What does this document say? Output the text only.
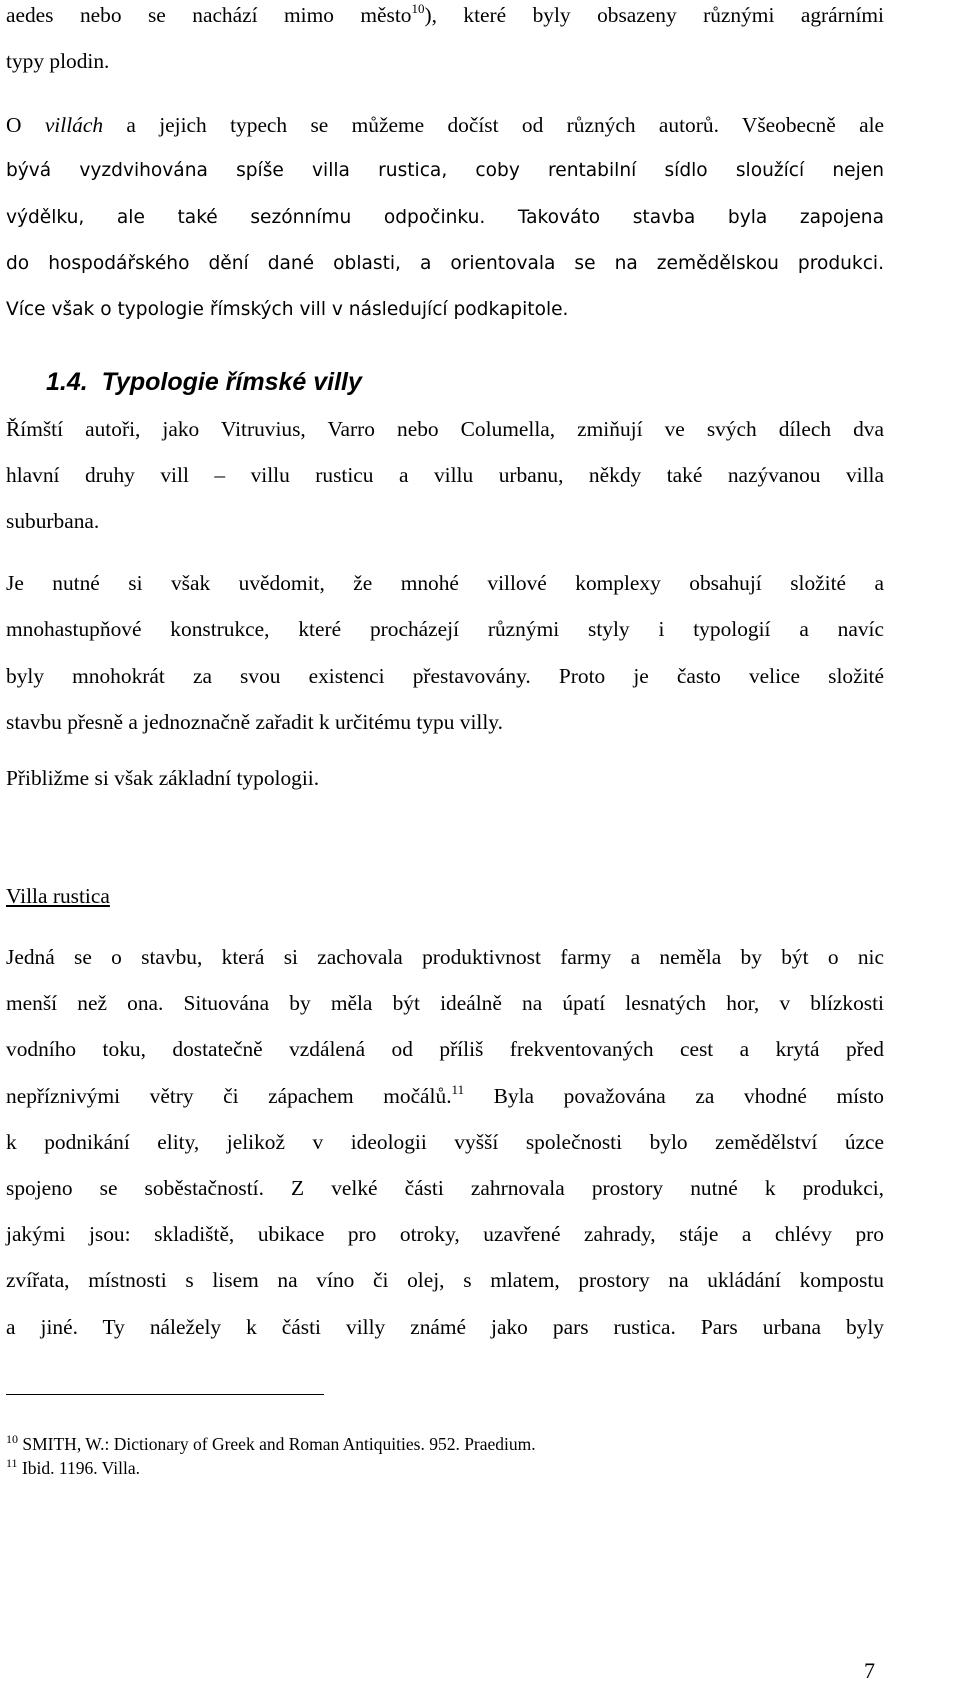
aedes nebo se nachází mimo město$^{10}$), které byly obsazeny různými agrárními
typy plodin.
O villách a jejich typech se můžeme dočíst od různých autorů. Všeobecně ale
bývá vyzdvihována spíše villa rustica, coby rentabilní sídlo sloužící nejen
výdělku, ale také sezónnímu odpočinku. Takováto stavba byla zapojena
do hospodářského dění dané oblasti, a orientovala se na zemědělskou produkci.
Více však o typologie římských vill v následující podkapitole.
1.4. Typologie římské villy
Římští autoři, jako Vitruvius, Varro nebo Columella, zmiňují ve svých dílech dva
hlavní druhy vill – villu rusticu a villu urbanu, někdy také nazývanou villa
suburbana.
Je nutné si však uvědomit, že mnohé villové komplexy obsahují složité a
mnohastupňové konstrukce, které procházejí různými styly i typologií a navíc
byly mnohokrát za svou existenci přestavovány. Proto je často velice složité
stavbu přesně a jednoznačně zařadit k určitému typu villy.
Přibližme si však základní typologii.
Villa rustica
Jedná se o stavbu, která si zachovala produktivnost farmy a neměla by být o nic
menší než ona. Situována by měla být ideálně na úpatí lesnatých hor, v blízkosti
vodního toku, dostatečně vzdálená od příliš frekventovaných cest a krytá před
nepříznivými větry či zápachem močálů.$^{11}$ Byla považována za vhodné místo
k podnikání elity, jelikož v ideologii vyšší společnosti bylo zemědělství úzce
spojeno se soběstačností. Z velké části zahrnovala prostory nutné k produkci,
jakými jsou: skladiště, ubikace pro otroky, uzavřené zahrady, stáje a chlévy pro
zvířata, místnosti s lisem na víno či olej, s mlatem, prostory na ukládání kompostu
a jiné. Ty náležely k části villy známé jako pars rustica. Pars urbana byly
$^{10}$ SMITH, W.: Dictionary of Greek and Roman Antiquities. 952. Praedium.
$^{11}$ Ibid. 1196. Villa.
7
